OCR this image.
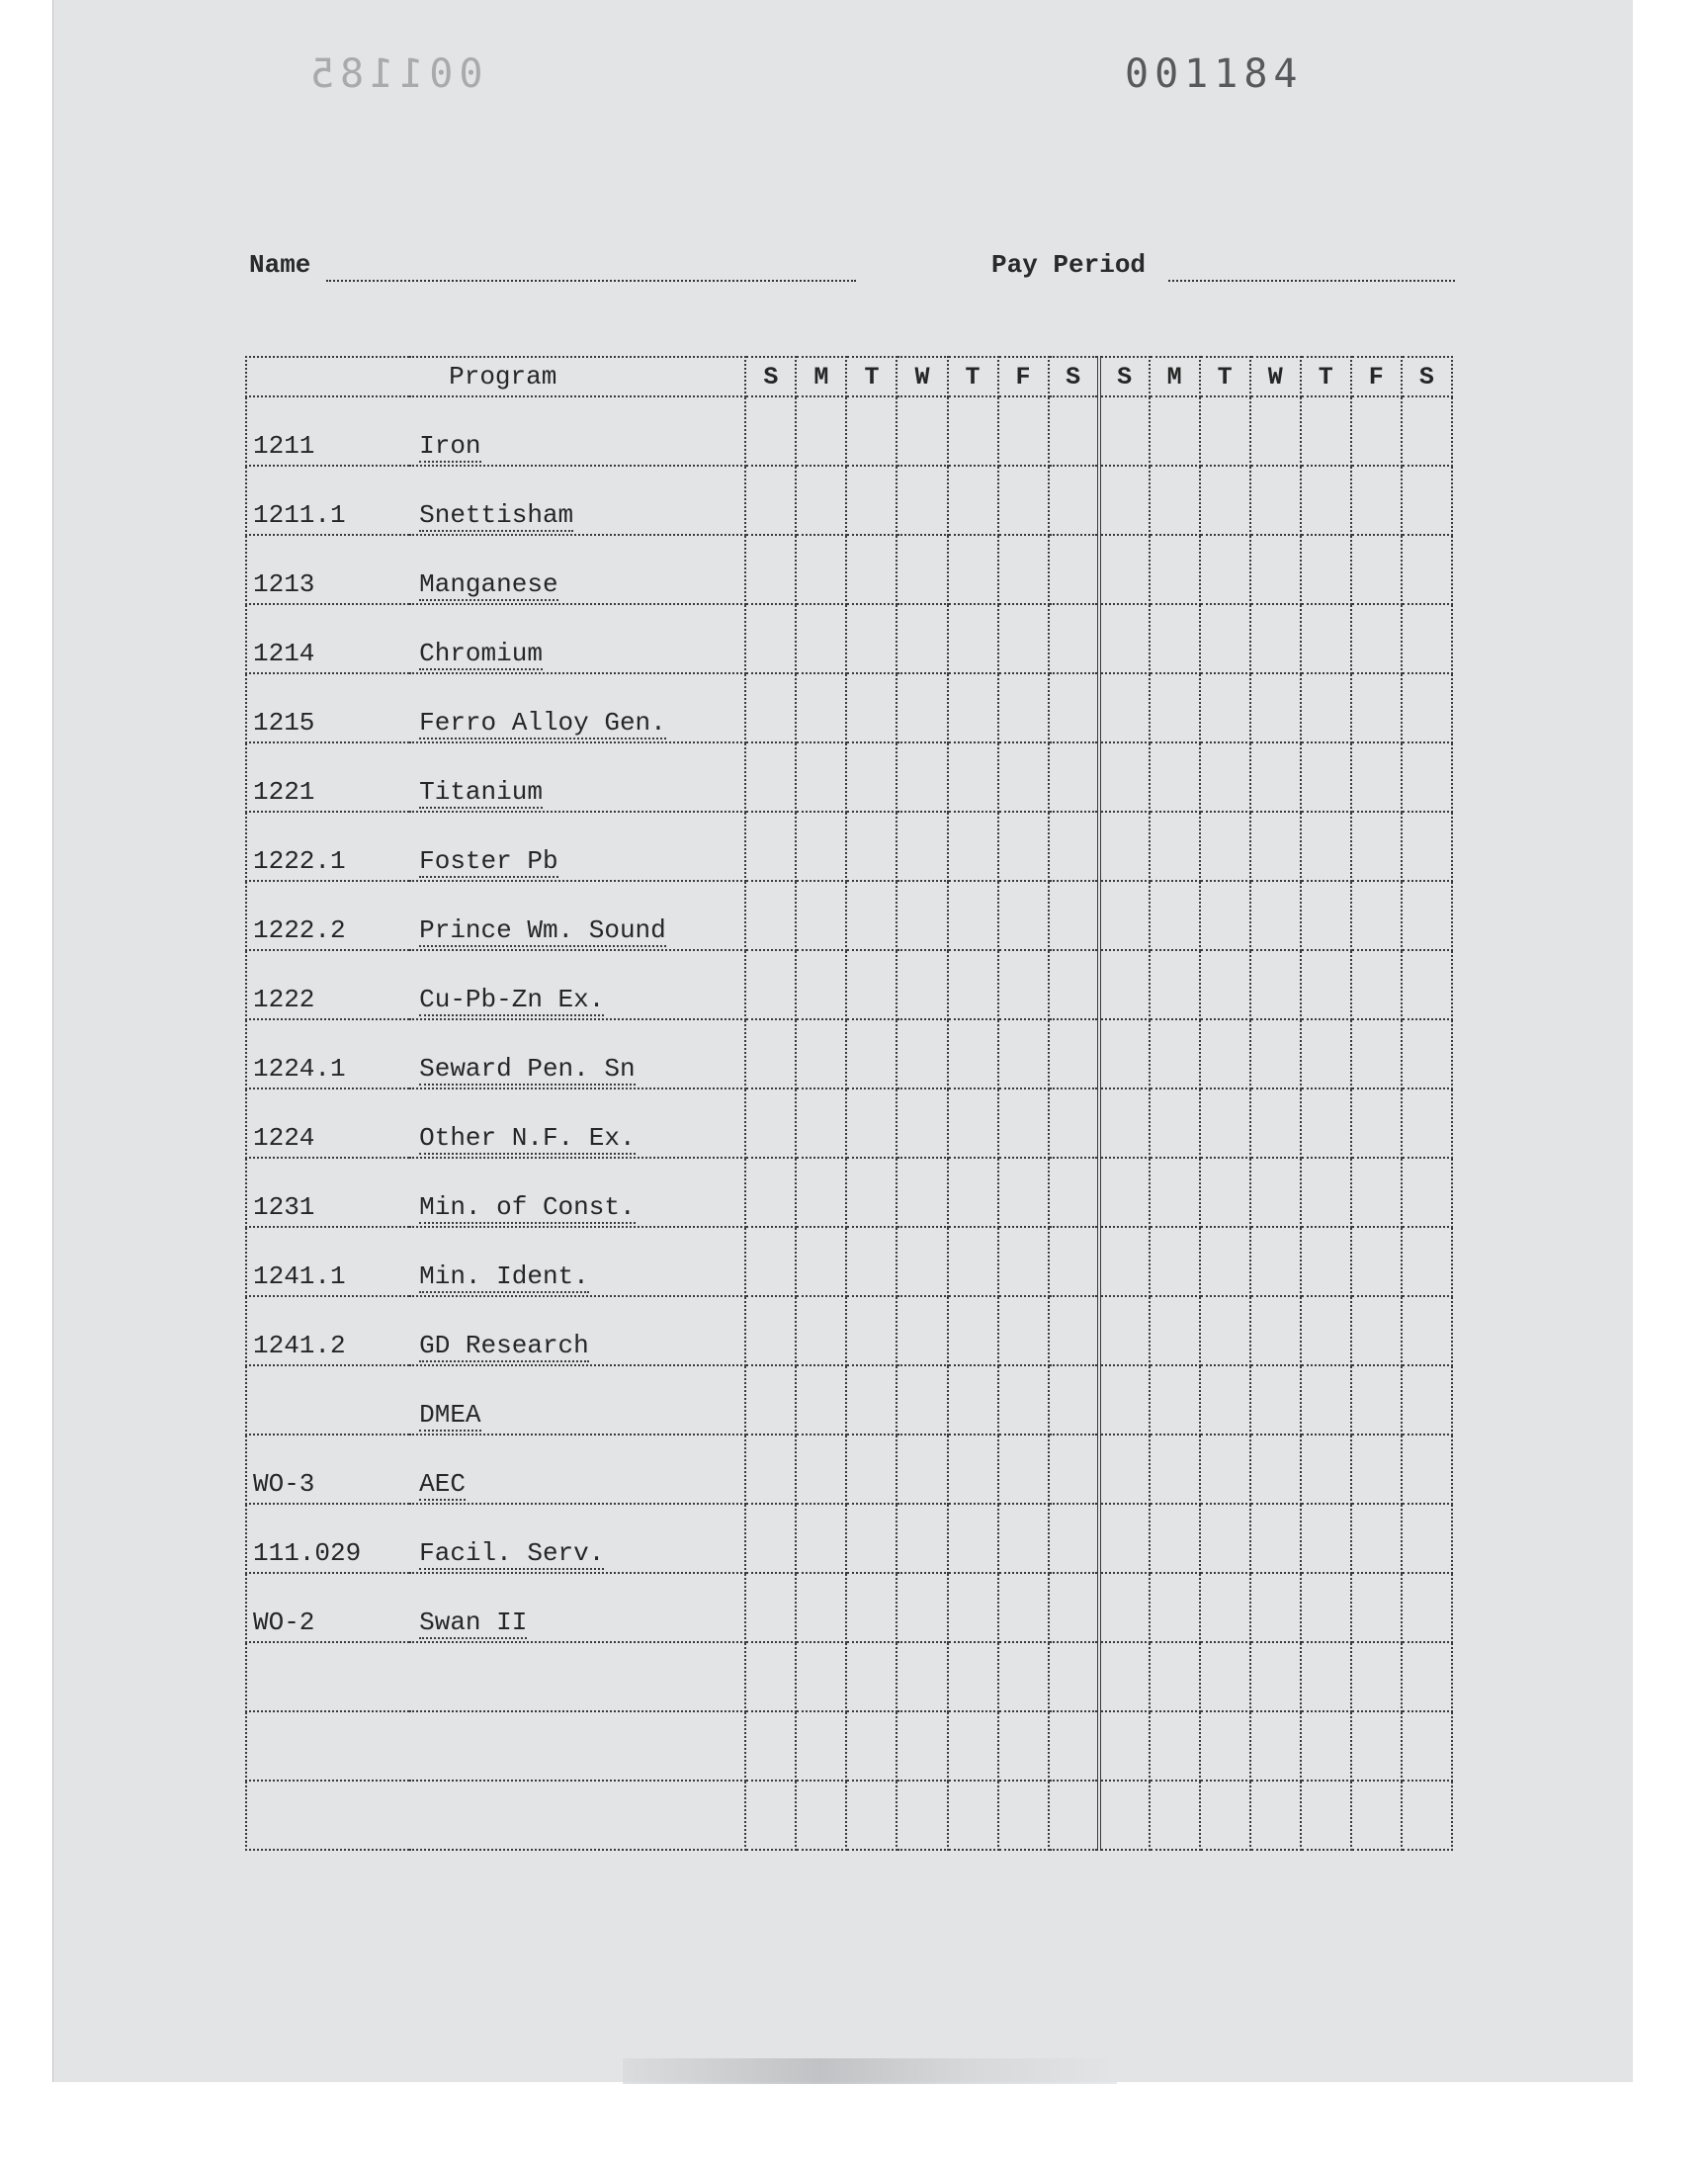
001185	001184
Name	Pay Period
	Program	S	M	T	W	T	F	S	S	M	T	W	T	F	S
1211	Iron														
1211.1	Snettisham														
1213	Manganese														
1214	Chromium														
1215	Ferro Alloy Gen.														
1221	Titanium														
1222.1	Foster Pb														
1222.2	Prince Wm. Sound														
1222	Cu-Pb-Zn Ex.														
1224.1	Seward Pen. Sn														
1224	Other N.F. Ex.														
1231	Min. of Const.														
1241.1	Min. Ident.														
1241.2	GD Research														
	DMEA														
WO-3	AEC														
111.029	Facil. Serv.														
WO-2	Swan II														
